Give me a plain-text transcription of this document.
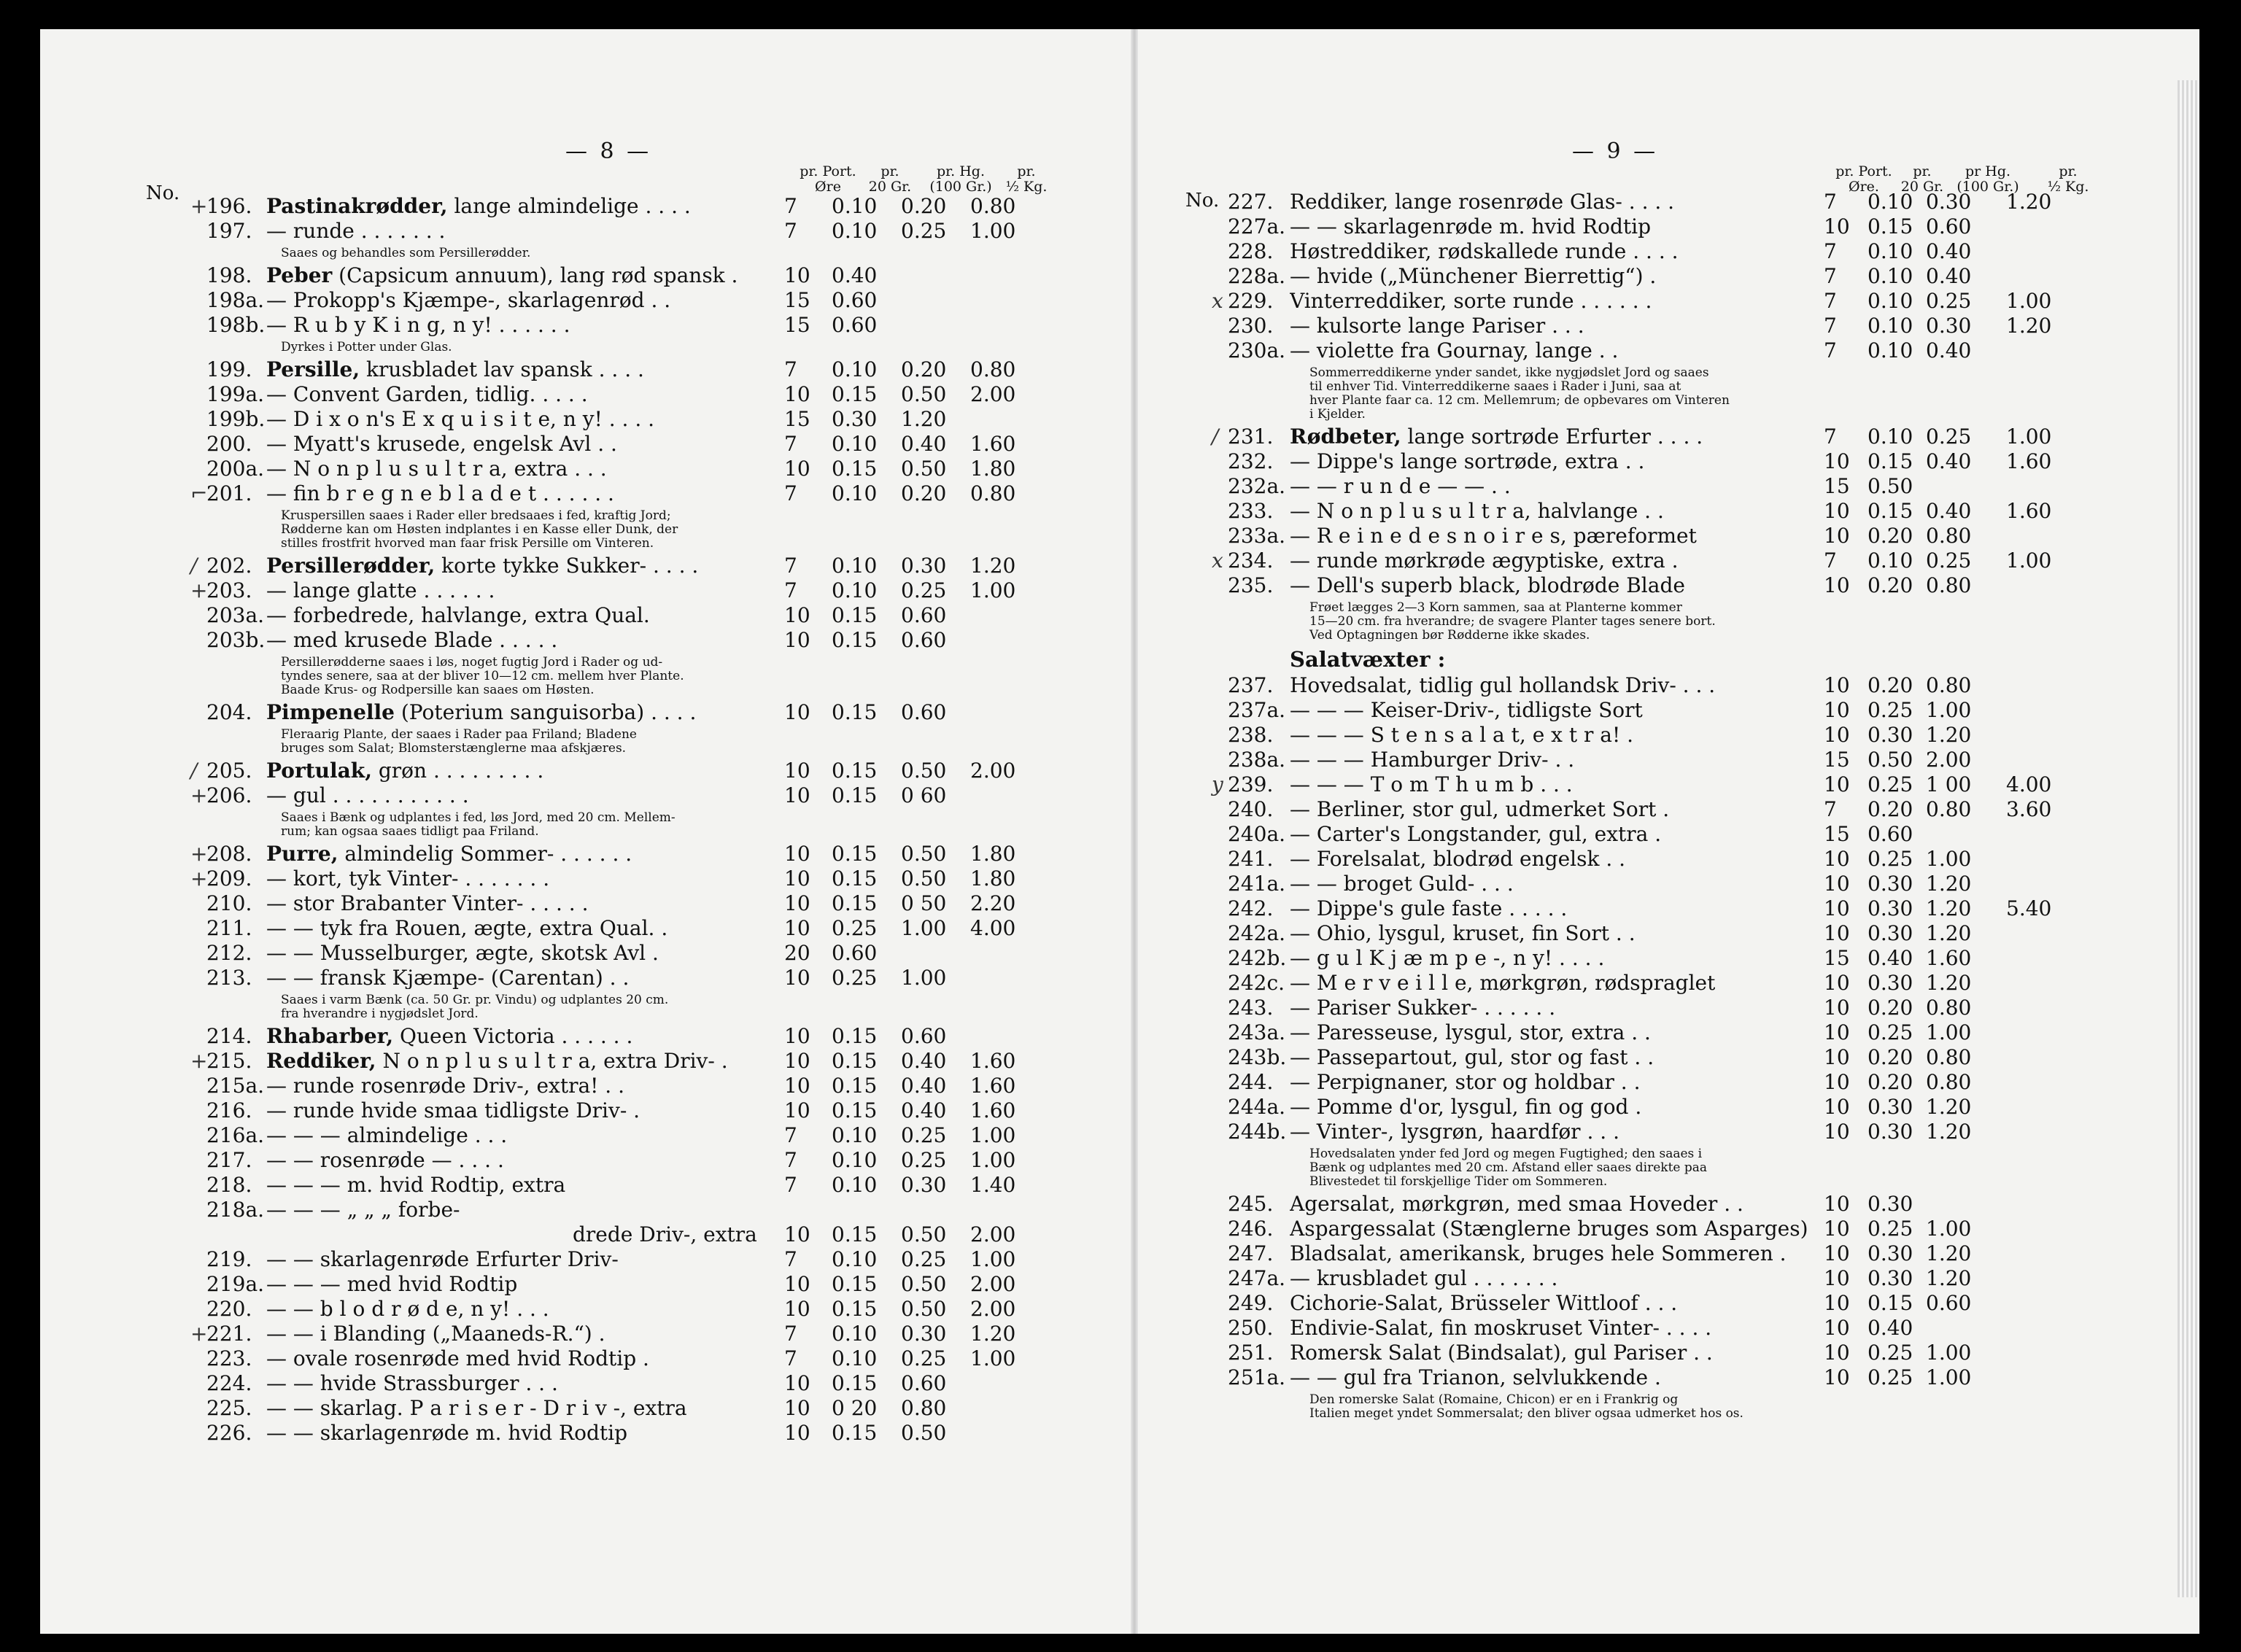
— 8 —
No.
pr. Port.
Øre
pr.
20 Gr.
pr. Hg.
(100 Gr.)
pr.
½ Kg.
+
196. Pastinakrødder, lange almindelige . . . .	7 0.10 0.20 0.80
197. — runde . . . . . . .	7 0.10 0.25 1.00
Saaes og behandles som Persillerødder.
198. Peber (Capsicum annuum), lang rød spansk . 10 0.40
198a. — Prokopp's Kjæmpe-, skarlagenrød . .	15 0.60
198b. — R u b y K i n g, n y! . . . . . .	15 0.60
Dyrkes i Potter under Glas.
199. Persille, krusbladet lav spansk . . . .	7 0.10 0.20 0.80
199a. — Convent Garden, tidlig. . . . .	10 0.15 0.50 2.00
199b. — D i x o n's E x q u i s i t e, n y! . . . .	15 0.30 1.20
200. — Myatt's krusede, engelsk Avl . .	7 0.10 0.40 1.60
200a. — N o n p l u s u l t r a, extra . . .	10 0.15 0.50 1.80
⌐
201. — fin b r e g n e b l a d e t . . . . . .	7 0.10 0.20 0.80
Kruspersillen saaes i Rader eller bredsaaes i fed, kraftig Jord;
Rødderne kan om Høsten indplantes i en Kasse eller Dunk, der
stilles frostfrit hvorved man faar frisk Persille om Vinteren.
/ 202. Persillerødder, korte tykke Sukker- . . . .	7 0.10 0.30 1.20
+
203. — lange glatte . . . . . .	7 0.10 0.25 1.00
203a. — forbedrede, halvlange, extra Qual.	10 0.15 0.60
203b. — med krusede Blade . . . . .	10 0.15 0.60
Persillerødderne saaes i løs, noget fugtig Jord i Rader og ud-
tyndes senere, saa at der bliver 10—12 cm. mellem hver Plante.
Baade Krus- og Rodpersille kan saaes om Høsten.
204. Pimpenelle (Poterium sanguisorba) . . . .	10 0.15 0.60
Fleraarig Plante, der saaes i Rader paa Friland; Bladene
bruges som Salat; Blomsterstænglerne maa afskjæres.
/ 205. Portulak, grøn . . . . . . . . .	10 0.15 0.50 2.00
+
206. — gul . . . . . . . . . . .	10 0.15 0 60
Saaes i Bænk og udplantes i fed, løs Jord, med 20 cm. Mellem-
rum; kan ogsaa saaes tidligt paa Friland.
+
208. Purre, almindelig Sommer- . . . . . .	10 0.15 0.50 1.80
+
209. — kort, tyk Vinter- . . . . . . .	10 0.15 0.50 1.80
210. — stor Brabanter Vinter- . . . . .	10 0.15 0 50 2.20
211. — — tyk fra Rouen, ægte, extra Qual. .	10 0.25 1.00 4.00
212. — — Musselburger, ægte, skotsk Avl .	20 0.60
213. — — fransk Kjæmpe- (Carentan) . .	10 0.25 1.00
Saaes i varm Bænk (ca. 50 Gr. pr. Vindu) og udplantes 20 cm.
fra hverandre i nygjødslet Jord.
214. Rhabarber, Queen Victoria . . . . . .	10 0.15 0.60
+
215. Reddiker, N o n p l u s u l t r a, extra Driv- .	10 0.15 0.40 1.60
215a. — runde rosenrøde Driv-, extra! . .	10 0.15 0.40 1.60
216. — runde hvide smaa tidligste Driv- .	10 0.15 0.40 1.60
216a. — — — almindelige . . .	7 0.10 0.25 1.00
217. — — rosenrøde — . . . .	7 0.10 0.25 1.00
218. — — — m. hvid Rodtip, extra	7 0.10 0.30 1.40
218a. — — — „ „ „ forbe-
drede Driv-, extra 10 0.15 0.50 2.00
219. — — skarlagenrøde Erfurter Driv-	7 0.10 0.25 1.00
219a. — — — med hvid Rodtip	10 0.15 0.50 2.00
220. — — b l o d r ø d e, n y! . . .	10 0.15 0.50 2.00
+
221. — — i Blanding („Maaneds-R.“) .	7 0.10 0.30 1.20
223. — ovale rosenrøde med hvid Rodtip .	7 0.10 0.25 1.00
224. — — hvide Strassburger . . .	10 0.15 0.60
225. — — skarlag. P a r i s e r - D r i v -, extra	10 0 20 0.80
226. — — skarlagenrøde m. hvid Rodtip	10 0.15 0.50
— 9 —
No.
pr. Port.
Øre.
pr.
20 Gr.
pr Hg.
(100 Gr.)
pr.
½ Kg.
227. Reddiker, lange rosenrøde Glas- . . . .	7 0.10 0.30 1.20
227a. — — skarlagenrøde m. hvid Rodtip	10 0.15 0.60
228. Høstreddiker, rødskallede runde . . . .	7 0.10 0.40
228a. — hvide („Münchener Bierrettig“) .	7 0.10 0.40
x 229. Vinterreddiker, sorte runde . . . . . .	7 0.10 0.25 1.00
230. — kulsorte lange Pariser . . .	7 0.10 0.30 1.20
230a. — violette fra Gournay, lange . .	7 0.10 0.40
Sommerreddikerne ynder sandet, ikke nygjødslet Jord og saaes
til enhver Tid. Vinterreddikerne saaes i Rader i Juni, saa at
hver Plante faar ca. 12 cm. Mellemrum; de opbevares om Vinteren
i Kjelder.
/ 231. Rødbeter, lange sortrøde Erfurter . . . .	7 0.10 0.25 1.00
232. — Dippe's lange sortrøde, extra . .	10 0.15 0.40 1.60
232a. — — r u n d e — — . .	15 0.50
233. — N o n p l u s u l t r a, halvlange . .	10 0.15 0.40 1.60
233a. — R e i n e d e s n o i r e s, pæreformet	10 0.20 0.80
x 234. — runde mørkrøde ægyptiske, extra .	7 0.10 0.25 1.00
235. — Dell's superb black, blodrøde Blade	10 0.20 0.80
Frøet lægges 2—3 Korn sammen, saa at Planterne kommer
15—20 cm. fra hverandre; de svagere Planter tages senere bort.
Ved Optagningen bør Rødderne ikke skades.
Salatvæxter :
237. Hovedsalat, tidlig gul hollandsk Driv- . . .	10 0.20 0.80
237a. — — — Keiser-Driv-, tidligste Sort	10 0.25 1.00
238. — — — S t e n s a l a t, e x t r a! .	10 0.30 1.20
238a. — — — Hamburger Driv- . .	15 0.50 2.00
y 239. — — — T o m T h u m b . . .	10 0.25 1 00 4.00
240. — Berliner, stor gul, udmerket Sort .	7 0.20 0.80 3.60
240a. — Carter's Longstander, gul, extra .	15 0.60
241. — Forelsalat, blodrød engelsk . .	10 0.25 1.00
241a. — — broget Guld- . . .	10 0.30 1.20
242. — Dippe's gule faste . . . . .	10 0.30 1.20 5.40
242a. — Ohio, lysgul, kruset, fin Sort . .	10 0.30 1.20
242b. — g u l K j æ m p e -, n y! . . . .	15 0.40 1.60
242c. — M e r v e i l l e, mørkgrøn, rødspraglet	10 0.30 1.20
243. — Pariser Sukker- . . . . . .	10 0.20 0.80
243a. — Paresseuse, lysgul, stor, extra . .	10 0.25 1.00
243b. — Passepartout, gul, stor og fast . .	10 0.20 0.80
244. — Perpignaner, stor og holdbar . .	10 0.20 0.80
244a. — Pomme d'or, lysgul, fin og god .	10 0.30 1.20
244b. — Vinter-, lysgrøn, haardfør . . .	10 0.30 1.20
Hovedsalaten ynder fed Jord og megen Fugtighed; den saaes i
Bænk og udplantes med 20 cm. Afstand eller saaes direkte paa
Blivestedet til forskjellige Tider om Sommeren.
245. Agersalat, mørkgrøn, med smaa Hoveder . .	10 0.30
246. Aspargessalat (Stænglerne bruges som Asparges) 10 0.25 1.00
247. Bladsalat, amerikansk, bruges hele Sommeren . 10 0.30 1.20
247a. — krusbladet gul . . . . . . .	10 0.30 1.20
249. Cichorie-Salat, Brüsseler Wittloof . . .	10 0.15 0.60
250. Endivie-Salat, fin moskruset Vinter- . . . .	10 0.40
251. Romersk Salat (Bindsalat), gul Pariser . .	10 0.25 1.00
251a. — — gul fra Trianon, selvlukkende .	10 0.25 1.00
Den romerske Salat (Romaine, Chicon) er en i Frankrig og
Italien meget yndet Sommersalat; den bliver ogsaa udmerket hos os.
